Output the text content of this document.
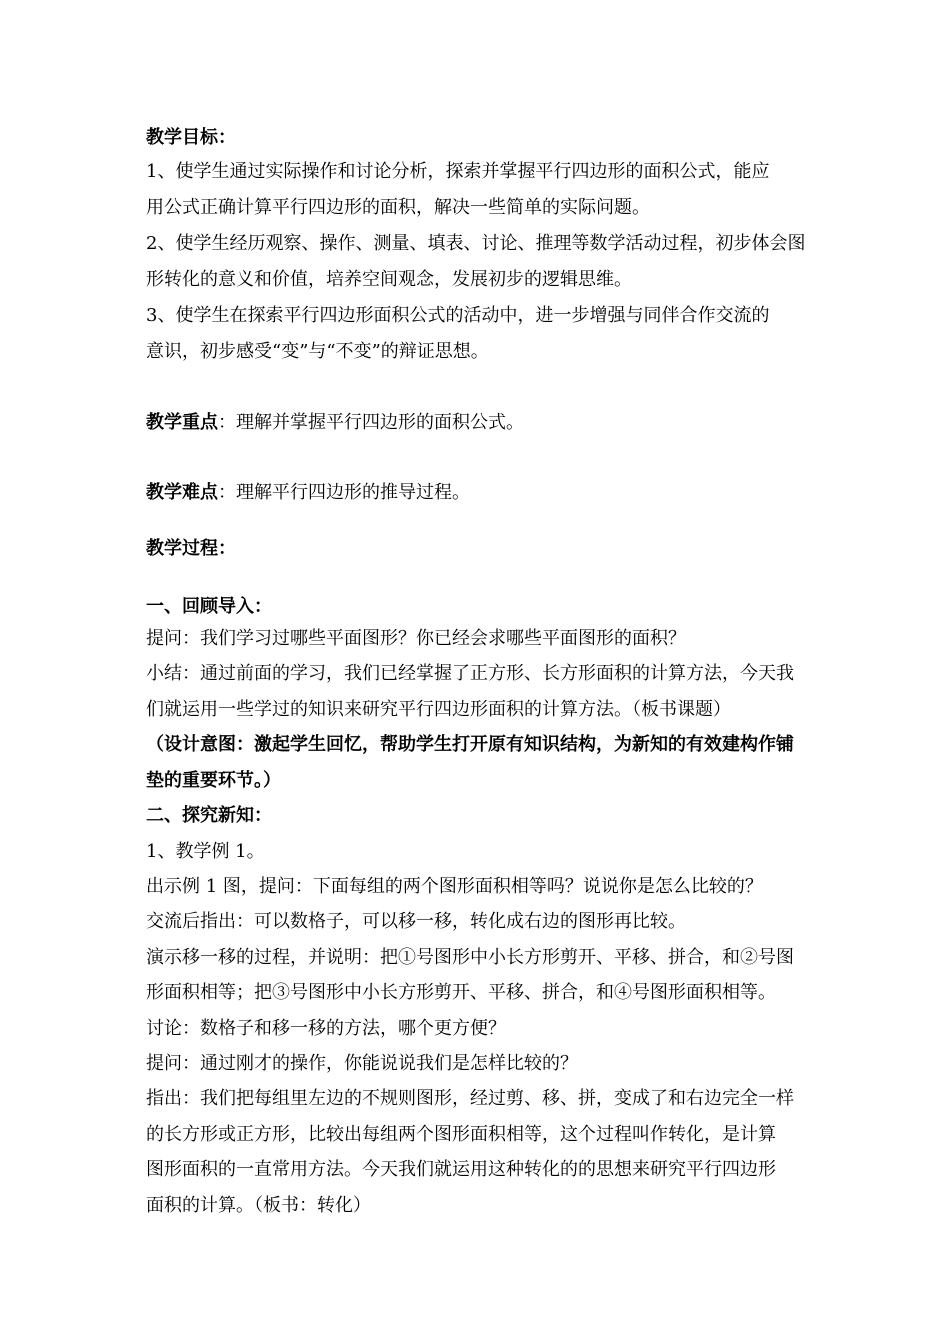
教学目标：
1、使学生通过实际操作和讨论分析，探索并掌握平行四边形的面积公式，能应
用公式正确计算平行四边形的面积，解决一些简单的实际问题。
2、使学生经历观察、操作、测量、填表、讨论、推理等数学活动过程，初步体会图
形转化的意义和价值，培养空间观念，发展初步的逻辑思维。
3、使学生在探索平行四边形面积公式的活动中，进一步增强与同伴合作交流的
意识，初步感受“变”与“不变”的辩证思想。
教学重点：理解并掌握平行四边形的面积公式。
教学难点：理解平行四边形的推导过程。
教学过程：
一、回顾导入：
提问：我们学习过哪些平面图形？你已经会求哪些平面图形的面积？
小结：通过前面的学习，我们已经掌握了正方形、长方形面积的计算方法，今天我
们就运用一些学过的知识来研究平行四边形面积的计算方法。（板书课题）
（设计意图：激起学生回忆，帮助学生打开原有知识结构，为新知的有效建构作铺
垫的重要环节。）
二、探究新知：
1、教学例 1。
出示例 1 图，提问：下面每组的两个图形面积相等吗？说说你是怎么比较的？
交流后指出：可以数格子，可以移一移，转化成右边的图形再比较。
演示移一移的过程，并说明：把①号图形中小长方形剪开、平移、拼合，和②号图
形面积相等；把③号图形中小长方形剪开、平移、拼合，和④号图形面积相等。
讨论：数格子和移一移的方法，哪个更方便？
提问：通过刚才的操作，你能说说我们是怎样比较的？
指出：我们把每组里左边的不规则图形，经过剪、移、拼，变成了和右边完全一样
的长方形或正方形，比较出每组两个图形面积相等，这个过程叫作转化，是计算
图形面积的一直常用方法。今天我们就运用这种转化的的思想来研究平行四边形
面积的计算。（板书：转化）
